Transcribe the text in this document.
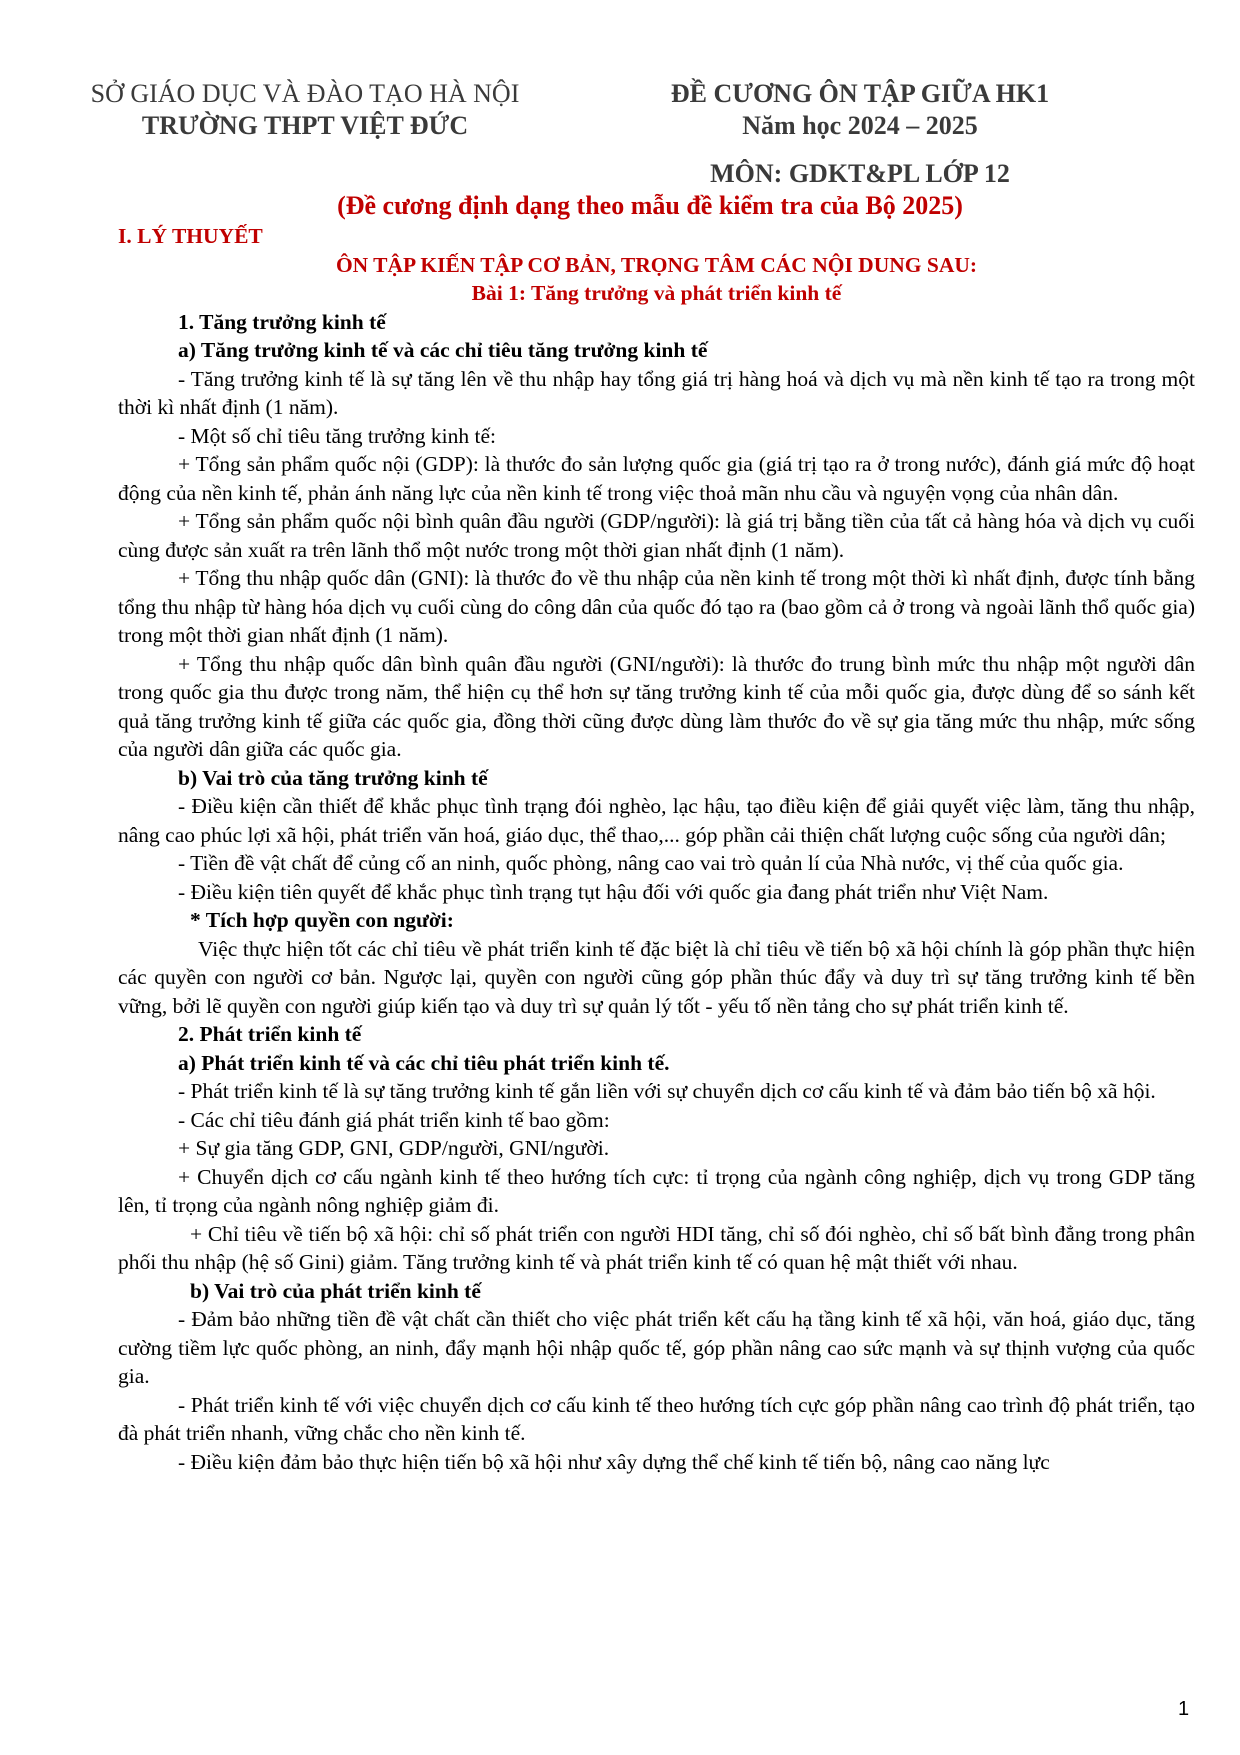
SỞ GIÁO DỤC VÀ ĐÀO TẠO HÀ NỘI
TRƯỜNG THPT VIỆT ĐỨC
ĐỀ CƯƠNG ÔN TẬP GIỮA HK1
Năm học 2024 – 2025
MÔN: GDKT&PL LỚP 12
(Đề cương định dạng theo mẫu đề kiểm tra của Bộ 2025)

I. LÝ THUYẾT

ÔN TẬP KIẾN TẬP CƠ BẢN, TRỌNG TÂM CÁC NỘI DUNG SAU:

Bài 1: Tăng trưởng và phát triển kinh tế

1. Tăng trưởng kinh tế

a) Tăng trưởng kinh tế và các chỉ tiêu tăng trưởng kinh tế

- Tăng trưởng kinh tế là sự tăng lên về thu nhập hay tổng giá trị hàng hoá và dịch vụ mà nền kinh tế tạo ra trong một thời kì nhất định (1 năm).

- Một số chỉ tiêu tăng trưởng kinh tế:

+ Tổng sản phẩm quốc nội (GDP): là thước đo sản lượng quốc gia (giá trị tạo ra ở trong nước), đánh giá mức độ hoạt động của nền kinh tế, phản ánh năng lực của nền kinh tế trong việc thoả mãn nhu cầu và nguyện vọng của nhân dân.

+ Tổng sản phẩm quốc nội bình quân đầu người (GDP/người): là giá trị bằng tiền của tất cả hàng hóa và dịch vụ cuối cùng được sản xuất ra trên lãnh thổ một nước trong một thời gian nhất định (1 năm).

+ Tổng thu nhập quốc dân (GNI): là thước đo về thu nhập của nền kinh tế trong một thời kì nhất định, được tính bằng tổng thu nhập từ hàng hóa dịch vụ cuối cùng do công dân của quốc đó tạo ra (bao gồm cả ở trong và ngoài lãnh thổ quốc gia) trong một thời gian nhất định (1 năm).

+ Tổng thu nhập quốc dân bình quân đầu người (GNI/người): là thước đo trung bình mức thu nhập một người dân trong quốc gia thu được trong năm, thể hiện cụ thể hơn sự tăng trưởng kinh tế của mỗi quốc gia, được dùng để so sánh kết quả tăng trưởng kinh tế giữa các quốc gia, đồng thời cũng được dùng làm thước đo về sự gia tăng mức thu nhập, mức sống của người dân giữa các quốc gia.

b) Vai trò của tăng trưởng kinh tế

- Điều kiện cần thiết để khắc phục tình trạng đói nghèo, lạc hậu, tạo điều kiện để giải quyết việc làm, tăng thu nhập, nâng cao phúc lợi xã hội, phát triển văn hoá, giáo dục, thể thao,... góp phần cải thiện chất lượng cuộc sống của người dân;

- Tiền đề vật chất để củng cố an ninh, quốc phòng, nâng cao vai trò quản lí của Nhà nước, vị thế của quốc gia.

- Điều kiện tiên quyết để khắc phục tình trạng tụt hậu đối với quốc gia đang phát triển như Việt Nam.

* Tích hợp quyền con người:

Việc thực hiện tốt các chỉ tiêu về phát triển kinh tế đặc biệt là chỉ tiêu về tiến bộ xã hội chính là góp phần thực hiện các quyền con người cơ bản. Ngược lại, quyền con người cũng góp phần thúc đẩy và duy trì sự tăng trưởng kinh tế bền vững, bởi lẽ quyền con người giúp kiến tạo và duy trì sự quản lý tốt - yếu tố nền tảng cho sự phát triển kinh tế.

2. Phát triển kinh tế

a) Phát triển kinh tế và các chỉ tiêu phát triển kinh tế.

- Phát triển kinh tế là sự tăng trưởng kinh tế gắn liền với sự chuyển dịch cơ cấu kinh tế và đảm bảo tiến bộ xã hội.

- Các chỉ tiêu đánh giá phát triển kinh tế bao gồm:

+ Sự gia tăng GDP, GNI, GDP/người, GNI/người.

+ Chuyển dịch cơ cấu ngành kinh tế theo hướng tích cực: tỉ trọng của ngành công nghiệp, dịch vụ trong GDP tăng lên, tỉ trọng của ngành nông nghiệp giảm đi.

+ Chỉ tiêu về tiến bộ xã hội: chỉ số phát triển con người HDI tăng, chỉ số đói nghèo, chỉ số bất bình đẳng trong phân phối thu nhập (hệ số Gini) giảm. Tăng trưởng kinh tế và phát triển kinh tế có quan hệ mật thiết với nhau.

b) Vai trò của phát triển kinh tế

- Đảm bảo những tiền đề vật chất cần thiết cho việc phát triển kết cấu hạ tầng kinh tế xã hội, văn hoá, giáo dục, tăng cường tiềm lực quốc phòng, an ninh, đẩy mạnh hội nhập quốc tế, góp phần nâng cao sức mạnh và sự thịnh vượng của quốc gia.

- Phát triển kinh tế với việc chuyển dịch cơ cấu kinh tế theo hướng tích cực góp phần nâng cao trình độ phát triển, tạo đà phát triển nhanh, vững chắc cho nền kinh tế.

- Điều kiện đảm bảo thực hiện tiến bộ xã hội như xây dựng thể chế kinh tế tiến bộ, nâng cao năng lực

1
